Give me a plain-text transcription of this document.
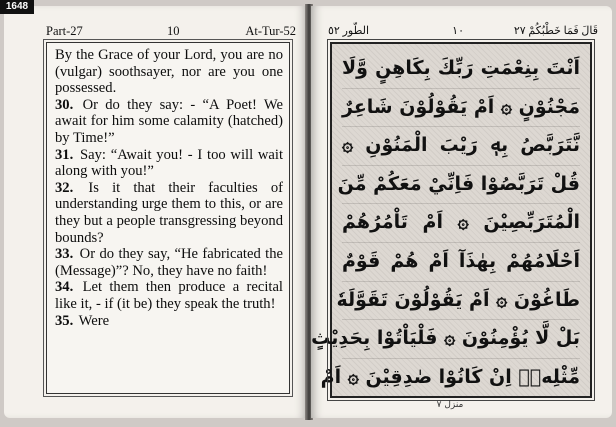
1648
Part-27	10	At-Tur-52

By the Grace of your Lord, you are no (vulgar) soothsayer, nor are you one possessed.

30. Or do they say: - “A Poet! We await for him some calamity (hatched) by Time!”

31. Say: “Await you! - I too will wait along with you!”

32. Is it that their faculties of understanding urge them to this, or are they but a people transgressing beyond bounds?

33. Or do they say, “He fabricated the (Message)”? No, they have no faith!

34. Let them then produce a recital like it, - if (it be) they speak the truth!

35. Were

قَالَ فَمَا خَطْبُكُمْ ٢٧
١٠
الطّور ٥٢
اَنْتَ بِنِعْمَتِ رَبِّكَ بِكَاهِنٍ وَّلَا
مَجْنُوْنٍ ۞ اَمْ يَقُوْلُوْنَ شَاعِرٌ
نَّتَرَبَّصُ بِهٖ رَيْبَ الْمَنُوْنِ ۞
قُلْ تَرَبَّصُوْا فَاِنِّيْ مَعَكُمْ مِّنَ
الْمُتَرَبِّصِيْنَ ۞ اَمْ تَاْمُرُهُمْ
اَحْلَامُهُمْ بِهٰذَآ اَمْ هُمْ قَوْمٌ
طَاغُوْنَ ۞ اَمْ يَقُوْلُوْنَ تَقَوَّلَهٗ
بَلْ لَّا يُؤْمِنُوْنَ ۞ فَلْيَاْتُوْا بِحَدِيْثٍ
مِّثْلِهٖۤ اِنْ كَانُوْا صٰدِقِيْنَ ۞ اَمْ
منزل ٧
